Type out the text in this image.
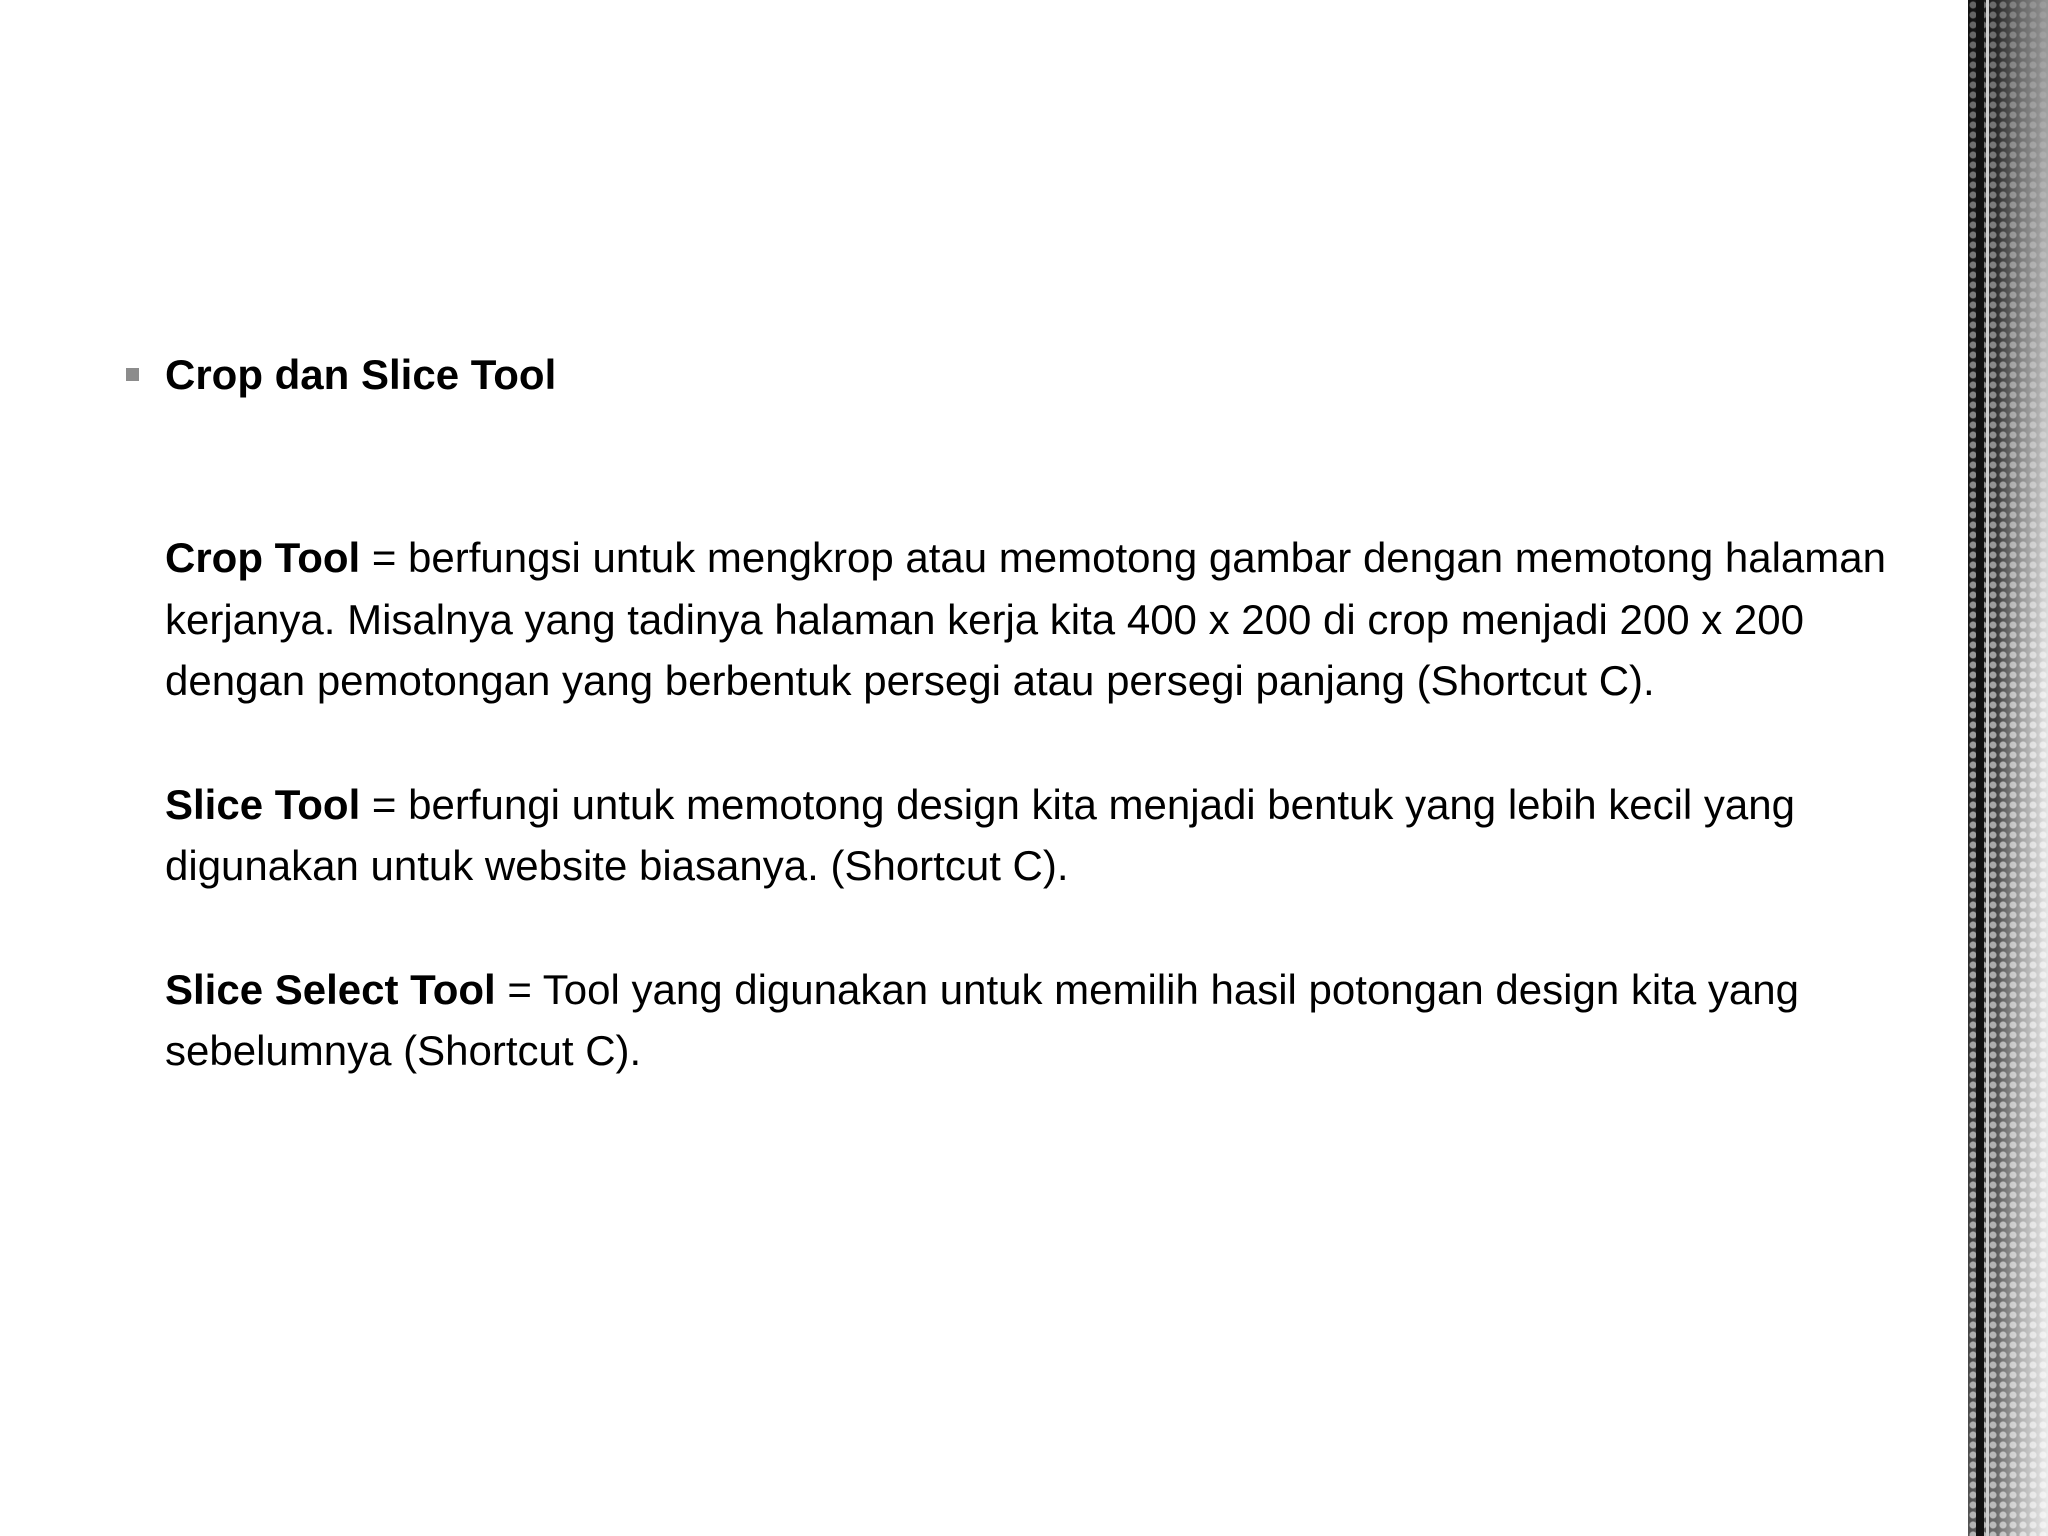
Crop dan Slice Tool

Crop Tool = berfungsi untuk mengkrop atau memotong gambar dengan memotong halaman kerjanya. Misalnya yang tadinya halaman kerja kita 400 x 200 di crop menjadi 200 x 200 dengan pemotongan yang berbentuk persegi atau persegi panjang (Shortcut C).

Slice Tool = berfungi untuk memotong design kita menjadi bentuk yang lebih kecil yang digunakan untuk website biasanya. (Shortcut C).

Slice Select Tool = Tool yang digunakan untuk memilih hasil potongan design kita yang sebelumnya (Shortcut C).
